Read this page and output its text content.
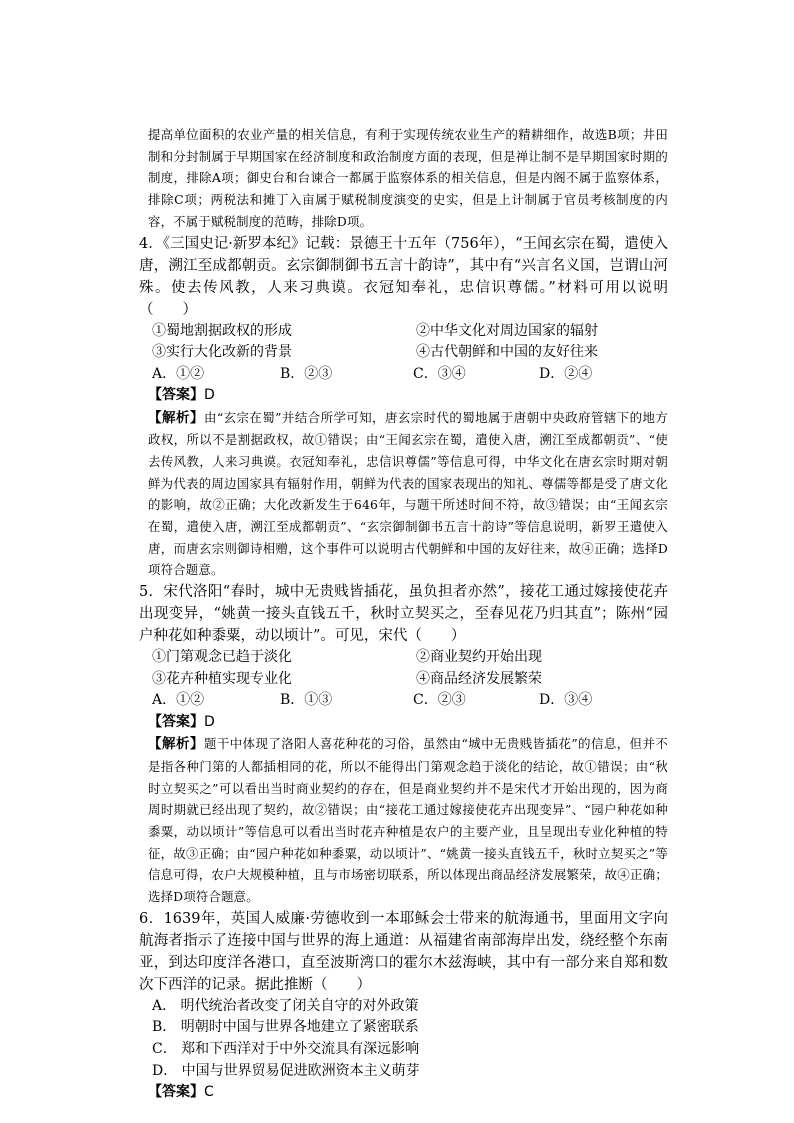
提高单位面积的农业产量的相关信息，有利于实现传统农业生产的精耕细作，故选B项；井田制和分封制属于早期国家在经济制度和政治制度方面的表现，但是禅让制不是早期国家时期的制度，排除A项；御史台和台谏合一都属于监察体系的相关信息，但是内阁不属于监察体系，排除C项；两税法和摊丁入亩属于赋税制度演变的史实，但是上计制属于官员考核制度的内容，不属于赋税制度的范畴，排除D项。

4．《三国史记·新罗本纪》记载：景德王十五年（756年），“王闻玄宗在蜀，遣使入唐，溯江至成都朝贡。玄宗御制御书五言十韵诗”，其中有“兴言名义国，岂谓山河殊。使去传风教，人来习典谟。衣冠知奉礼，忠信识尊儒。”材料可用以说明（　　）

①蜀地割据政权的形成	②中华文化对周边国家的辐射
③实行大化改新的背景	④古代朝鲜和中国的友好往来
A．①②	B．②③	C．③④	D．②④

【答案】D

【解析】由“玄宗在蜀”并结合所学可知，唐玄宗时代的蜀地属于唐朝中央政府管辖下的地方政权，所以不是割据政权，故①错误；由“王闻玄宗在蜀，遣使入唐，溯江至成都朝贡”、“使去传风教，人来习典谟。衣冠知奉礼，忠信识尊儒”等信息可得，中华文化在唐玄宗时期对朝鲜为代表的周边国家具有辐射作用，朝鲜为代表的国家表现出的知礼、尊儒等都是受了唐文化的影响，故②正确；大化改新发生于646年，与题干所述时间不符，故③错误；由“王闻玄宗在蜀，遣使入唐，溯江至成都朝贡”、“玄宗御制御书五言十韵诗”等信息说明，新罗王遣使入唐，而唐玄宗则御诗相赠，这个事件可以说明古代朝鲜和中国的友好往来，故④正确；选择D项符合题意。

5．宋代洛阳“春时，城中无贵贱皆插花，虽负担者亦然”，接花工通过嫁接使花卉出现变异，“姚黄一接头直钱五千，秋时立契买之，至春见花乃归其直”；陈州“园户种花如种黍粟，动以顷计”。可见，宋代（　　）

①门第观念已趋于淡化	②商业契约开始出现
③花卉种植实现专业化	④商品经济发展繁荣
A．①②	B．①③	C．②③	D．③④

【答案】D

【解析】题干中体现了洛阳人喜花种花的习俗，虽然由“城中无贵贱皆插花”的信息，但并不是指各种门第的人都插相同的花，所以不能得出门第观念趋于淡化的结论，故①错误；由“秋时立契买之”可以看出当时商业契约的存在，但是商业契约并不是宋代才开始出现的，因为商周时期就已经出现了契约，故②错误；由“接花工通过嫁接使花卉出现变异”、“园户种花如种黍粟，动以顷计”等信息可以看出当时花卉种植是农户的主要产业，且呈现出专业化种植的特征，故③正确；由“园户种花如种黍粟，动以顷计”、“姚黄一接头直钱五千，秋时立契买之”等信息可得，农户大规模种植，且与市场密切联系，所以体现出商品经济发展繁荣，故④正确；选择D项符合题意。

6．1639年，英国人威廉·劳德收到一本耶稣会士带来的航海通书，里面用文字向航海者指示了连接中国与世界的海上通道：从福建省南部海岸出发，绕经整个东南亚，到达印度洋各港口，直至波斯湾口的霍尔木兹海峡，其中有一部分来自郑和数次下西洋的记录。据此推断（　　）

A． 明代统治者改变了闭关自守的对外政策
B． 明朝时中国与世界各地建立了紧密联系
C． 郑和下西洋对于中外交流具有深远影响
D． 中国与世界贸易促进欧洲资本主义萌芽

【答案】C
